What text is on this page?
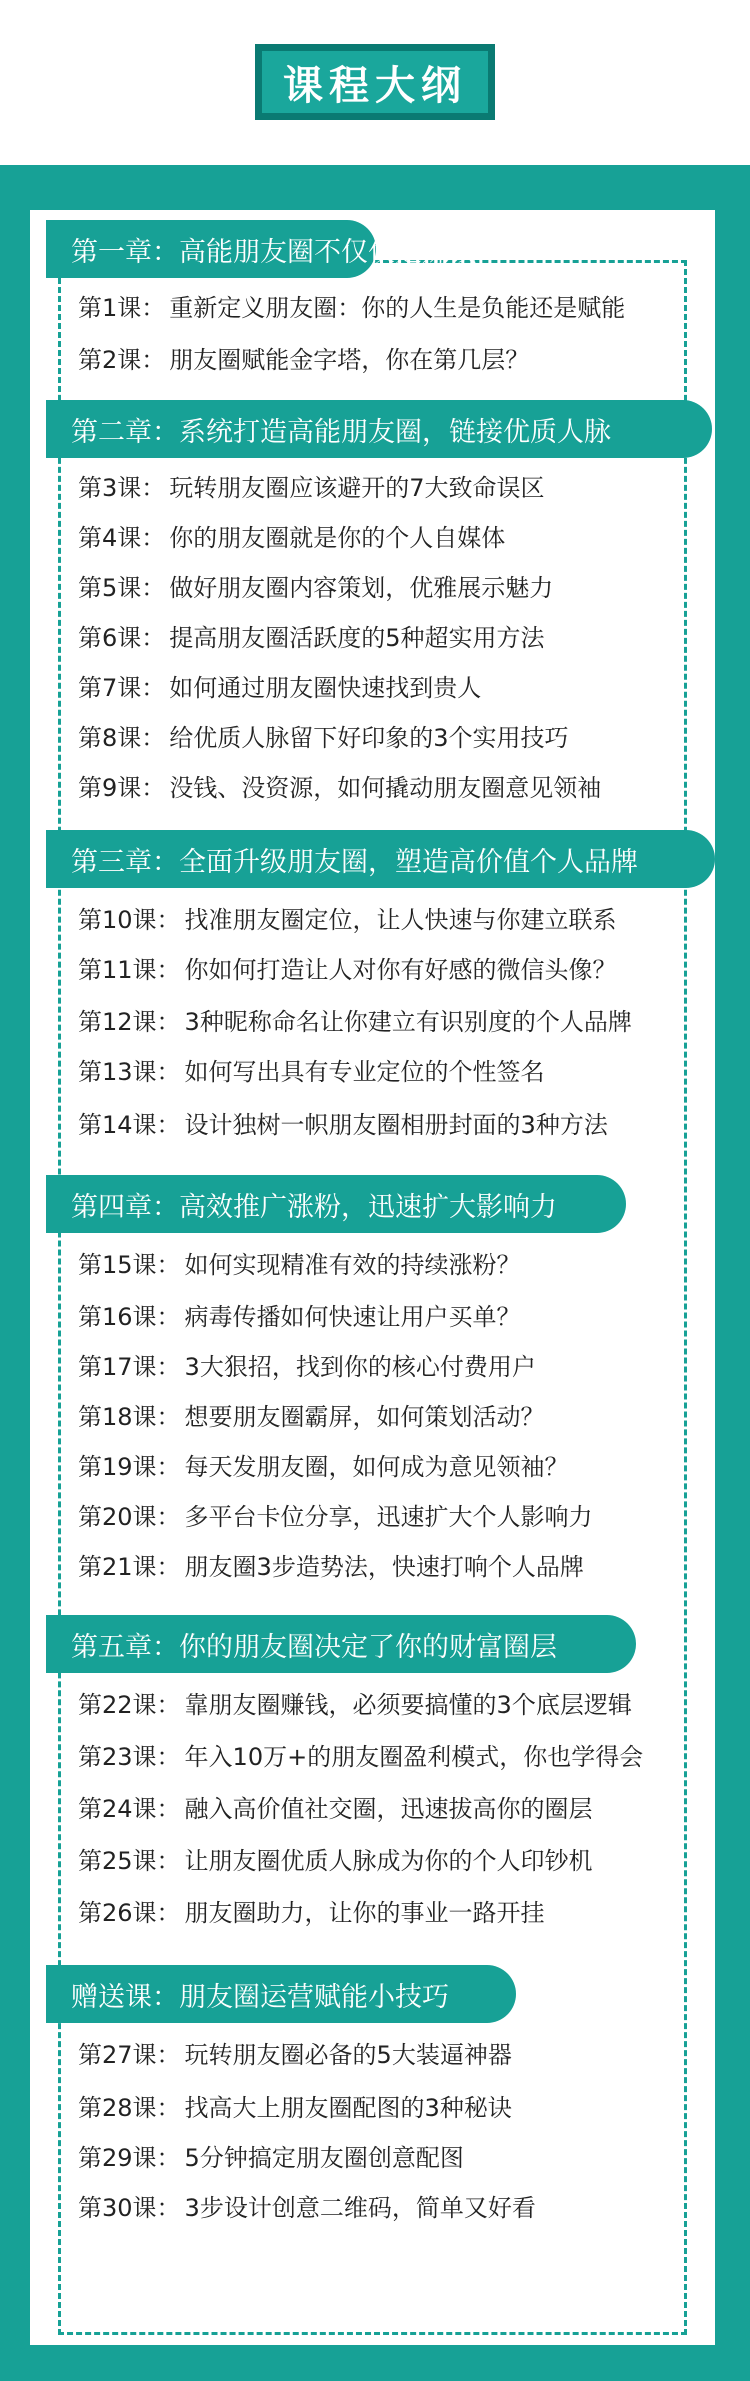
课程大纲
第一章：高能朋友圈不仅仅是赚钱
第1课： 重新定义朋友圈：你的人生是负能还是赋能
第2课： 朋友圈赋能金字塔，你在第几层？
第二章：系统打造高能朋友圈，链接优质人脉
第3课： 玩转朋友圈应该避开的7大致命误区
第4课： 你的朋友圈就是你的个人自媒体
第5课： 做好朋友圈内容策划，优雅展示魅力
第6课： 提高朋友圈活跃度的5种超实用方法
第7课： 如何通过朋友圈快速找到贵人
第8课： 给优质人脉留下好印象的3个实用技巧
第9课： 没钱、没资源，如何撬动朋友圈意见领袖
第三章：全面升级朋友圈，塑造高价值个人品牌
第10课： 找准朋友圈定位，让人快速与你建立联系
第11课： 你如何打造让人对你有好感的微信头像？
第12课： 3种昵称命名让你建立有识别度的个人品牌
第13课： 如何写出具有专业定位的个性签名
第14课： 设计独树一帜朋友圈相册封面的3种方法
第四章：高效推广涨粉，迅速扩大影响力
第15课： 如何实现精准有效的持续涨粉？
第16课： 病毒传播如何快速让用户买单？
第17课： 3大狠招，找到你的核心付费用户
第18课： 想要朋友圈霸屏，如何策划活动？
第19课： 每天发朋友圈，如何成为意见领袖？
第20课： 多平台卡位分享，迅速扩大个人影响力
第21课： 朋友圈3步造势法，快速打响个人品牌
第五章：你的朋友圈决定了你的财富圈层
第22课： 靠朋友圈赚钱，必须要搞懂的3个底层逻辑
第23课： 年入10万+的朋友圈盈利模式，你也学得会
第24课： 融入高价值社交圈，迅速拔高你的圈层
第25课： 让朋友圈优质人脉成为你的个人印钞机
第26课： 朋友圈助力，让你的事业一路开挂
赠送课：朋友圈运营赋能小技巧
第27课： 玩转朋友圈必备的5大装逼神器
第28课： 找高大上朋友圈配图的3种秘诀
第29课： 5分钟搞定朋友圈创意配图
第30课： 3步设计创意二维码，简单又好看
